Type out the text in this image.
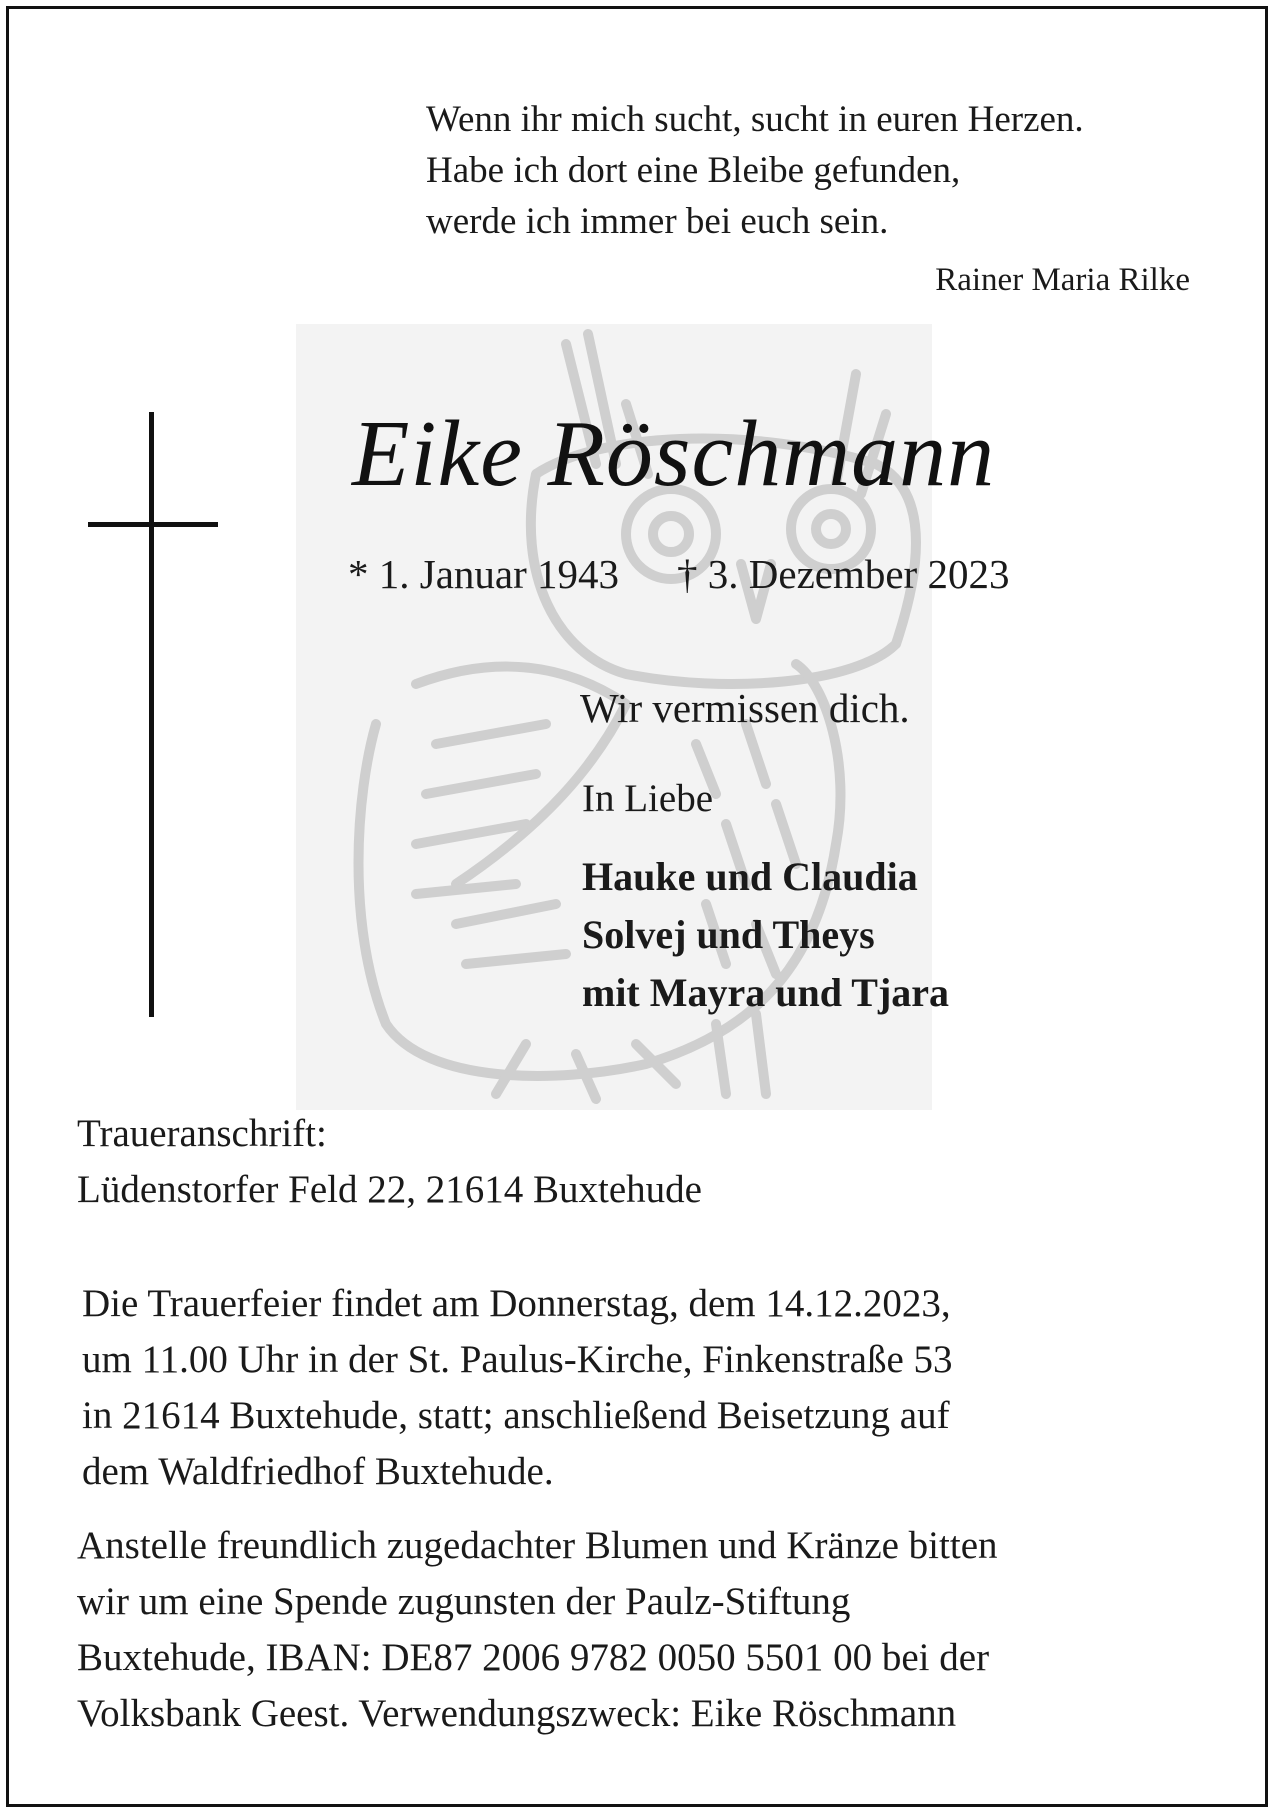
Wenn ihr mich sucht, sucht in euren Herzen.
Habe ich dort eine Bleibe gefunden,
werde ich immer bei euch sein.
Rainer Maria Rilke
Eike Röschmann
* 1. Januar 1943 † 3. Dezember 2023
Wir vermissen dich.
In Liebe
Hauke und Claudia
Solvej und Theys
mit Mayra und Tjara
Traueranschrift:
Lüdenstorfer Feld 22, 21614 Buxtehude
Die Trauerfeier findet am Donnerstag, dem 14.12.2023,
um 11.00 Uhr in der St. Paulus-Kirche, Finkenstraße 53
in 21614 Buxtehude, statt; anschließend Beisetzung auf
dem Waldfriedhof Buxtehude.
Anstelle freundlich zugedachter Blumen und Kränze bitten
wir um eine Spende zugunsten der Paulz-Stiftung
Buxtehude, IBAN: DE87 2006 9782 0050 5501 00 bei der
Volksbank Geest. Verwendungszweck: Eike Röschmann
